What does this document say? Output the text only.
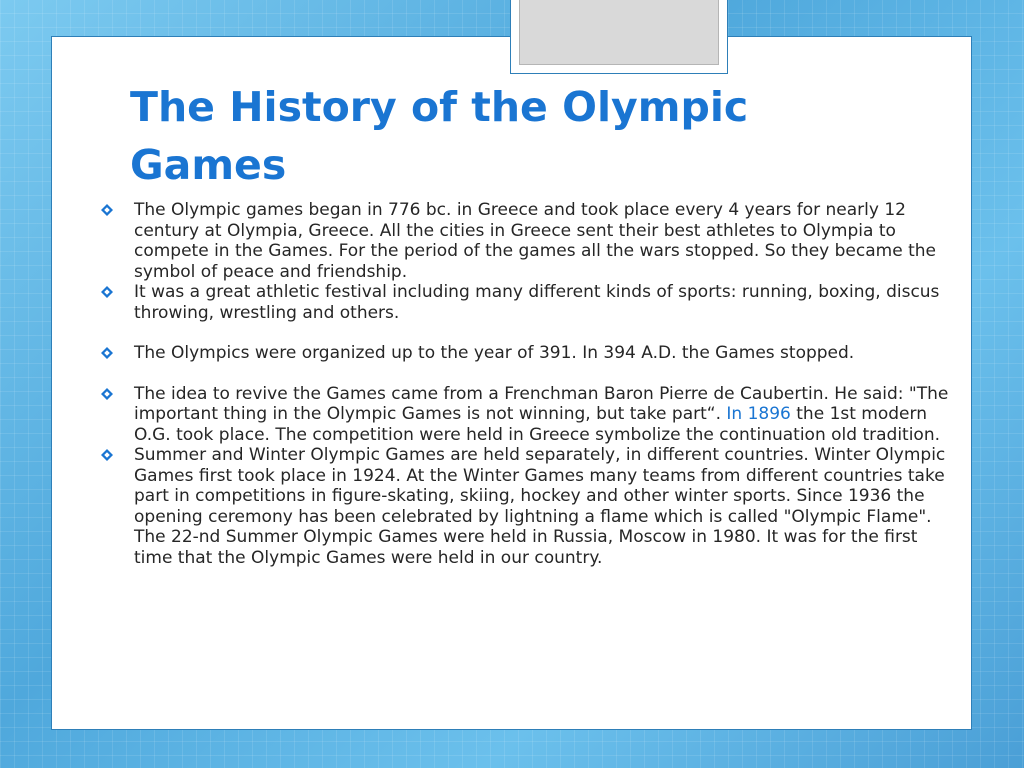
The History of the Olympic Games
The Olympic games began in 776 bc. in Greece and took place every 4 years for nearly 12 century at Olympia, Greece. All the cities in Greece sent their best athletes to Olympia to compete in the Games. For the period of the games all the wars stopped. So they became the symbol of peace and friendship.
It was a great athletic festival including many different kinds of sports: running, boxing, discus throwing, wrestling and others.
The Olympics were organized up to the year of 391. In 394 A.D. the Games stopped.
The idea to revive the Games came from a Frenchman Baron Pierre de Caubertin. He said: "The important thing in the Olympic Games is not winning, but take part“. In 1896 the 1st modern O.G. took place. The competition were held in Greece symbolize the continuation old tradition.
Summer and Winter Olympic Games are held separately, in different countries. Winter Olympic Games first took place in 1924. At the Winter Games many teams from different countries take part in competitions in figure-skating, skiing, hockey and other winter sports. Since 1936 the opening ceremony has been celebrated by lightning a flame which is called "Olympic Flame". The 22-nd Summer Olympic Games were held in Russia, Moscow in 1980. It was for the first time that the Olympic Games were held in our country.
